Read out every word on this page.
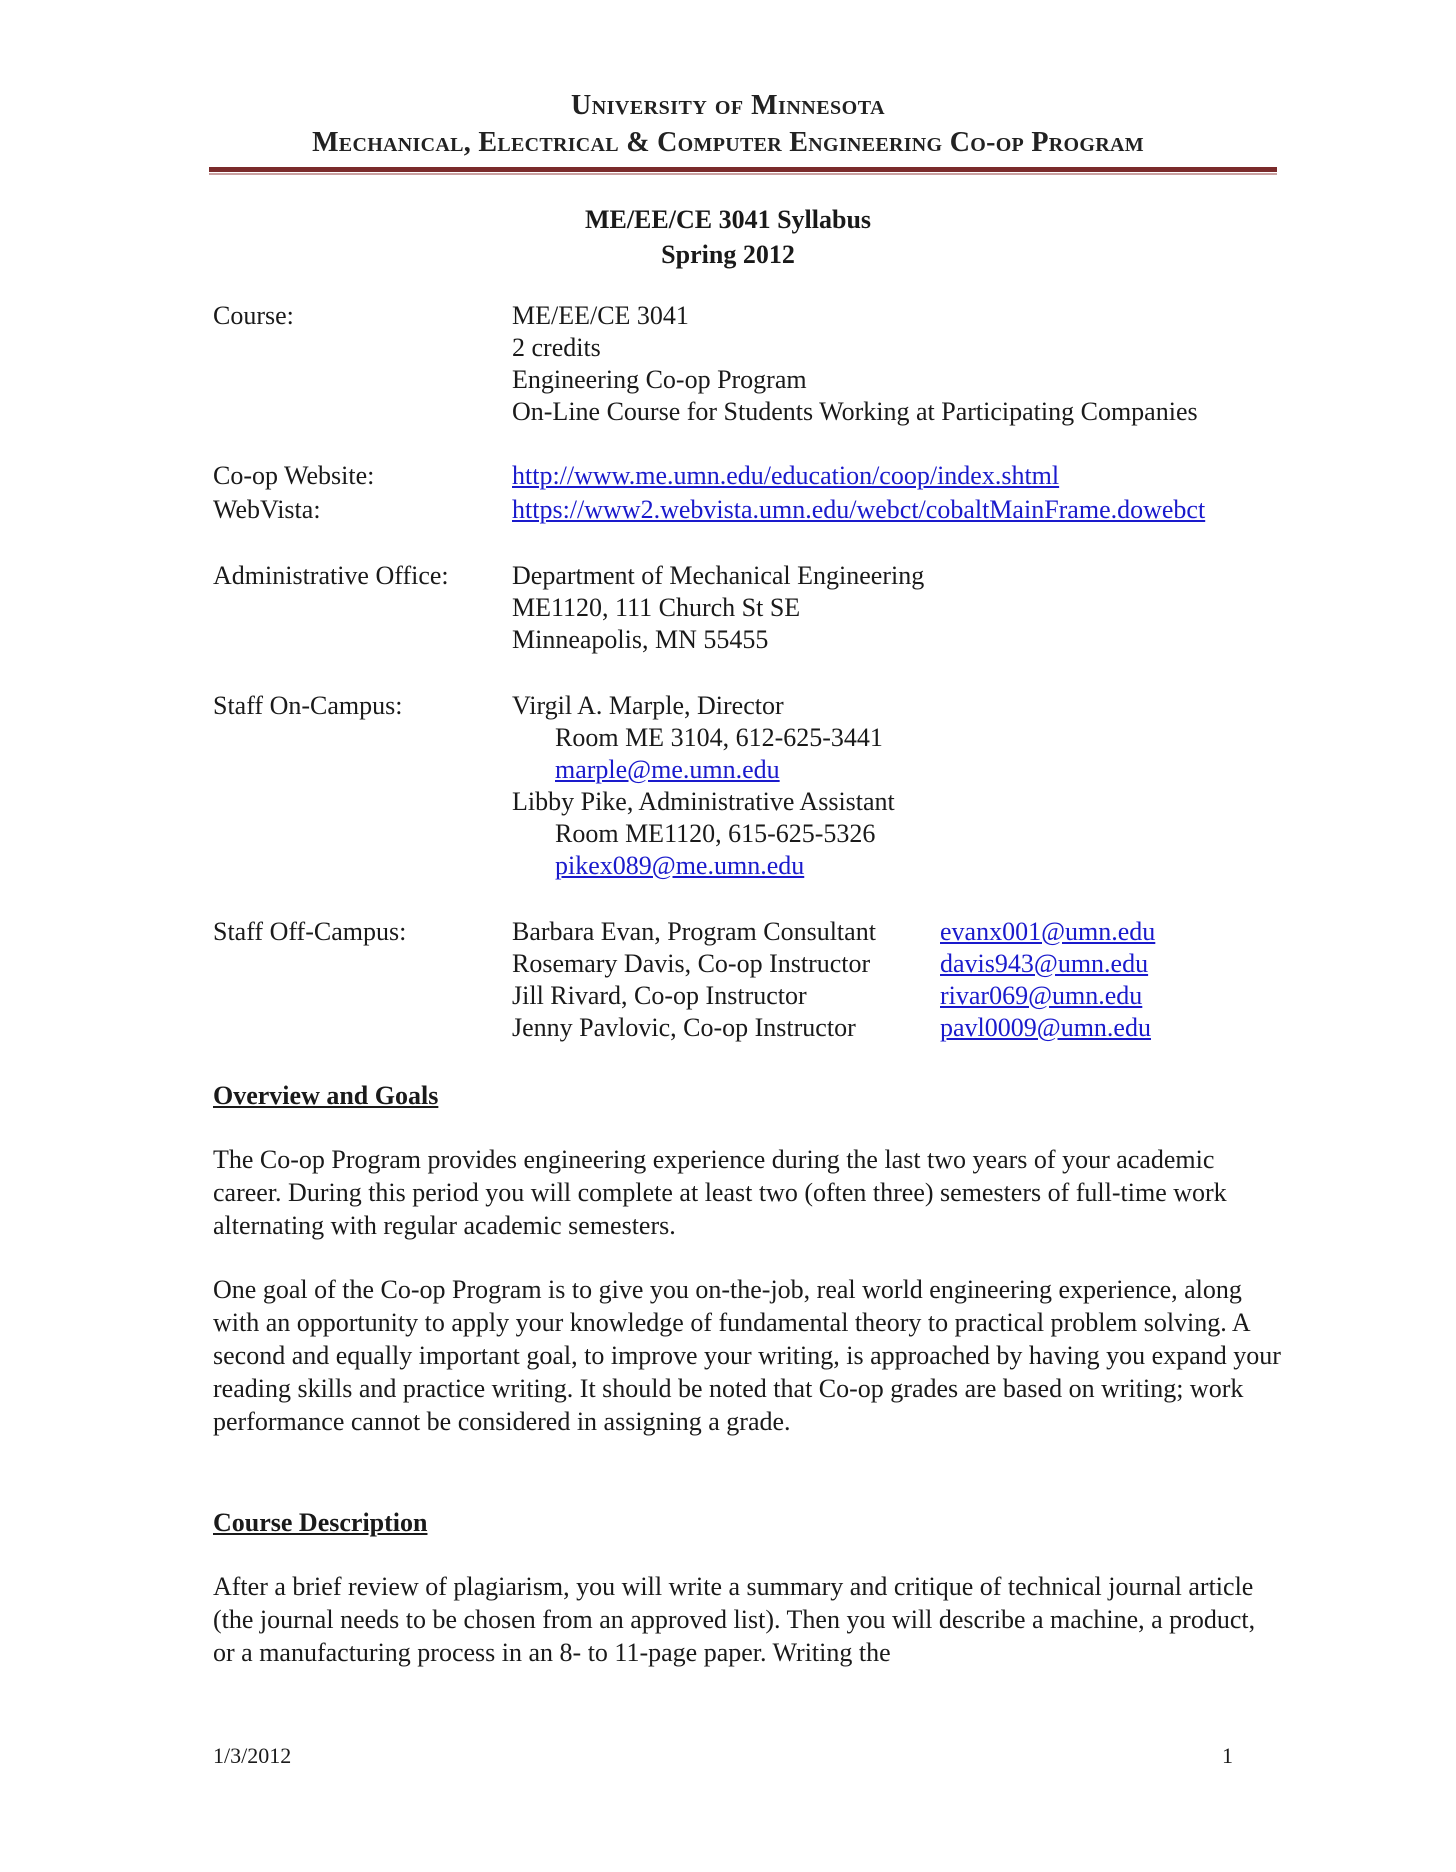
University of Minnesota
Mechanical, Electrical & Computer Engineering Co-op Program
ME/EE/CE 3041 Syllabus
Spring 2012
Course:	ME/EE/CE 3041
2 credits
Engineering Co-op Program
On-Line Course for Students Working at Participating Companies
Co-op Website:	http://www.me.umn.edu/education/coop/index.shtml
WebVista:	https://www2.webvista.umn.edu/webct/cobaltMainFrame.dowebct
Administrative Office: Department of Mechanical Engineering
ME1120, 111 Church St SE
Minneapolis, MN 55455
Staff On-Campus:	Virgil A. Marple, Director
Room ME 3104, 612-625-3441
marple@me.umn.edu
Libby Pike, Administrative Assistant
Room ME1120, 615-625-5326
pikex089@me.umn.edu
Staff Off-Campus:	Barbara Evan, Program Consultant evanx001@umn.edu
Rosemary Davis, Co-op Instructor	davis943@umn.edu
Jill Rivard, Co-op Instructor	rivar069@umn.edu
Jenny Pavlovic, Co-op Instructor	pavl0009@umn.edu
Overview and Goals
The Co-op Program provides engineering experience during the last two years of your academic career. During this period you will complete at least two (often three) semesters of full-time work alternating with regular academic semesters.
One goal of the Co-op Program is to give you on-the-job, real world engineering experience, along with an opportunity to apply your knowledge of fundamental theory to practical problem solving. A second and equally important goal, to improve your writing, is approached by having you expand your reading skills and practice writing. It should be noted that Co-op grades are based on writing; work performance cannot be considered in assigning a grade.
Course Description
After a brief review of plagiarism, you will write a summary and critique of technical journal article (the journal needs to be chosen from an approved list). Then you will describe a machine, a product, or a manufacturing process in an 8- to 11-page paper. Writing the
1/3/2012	1
